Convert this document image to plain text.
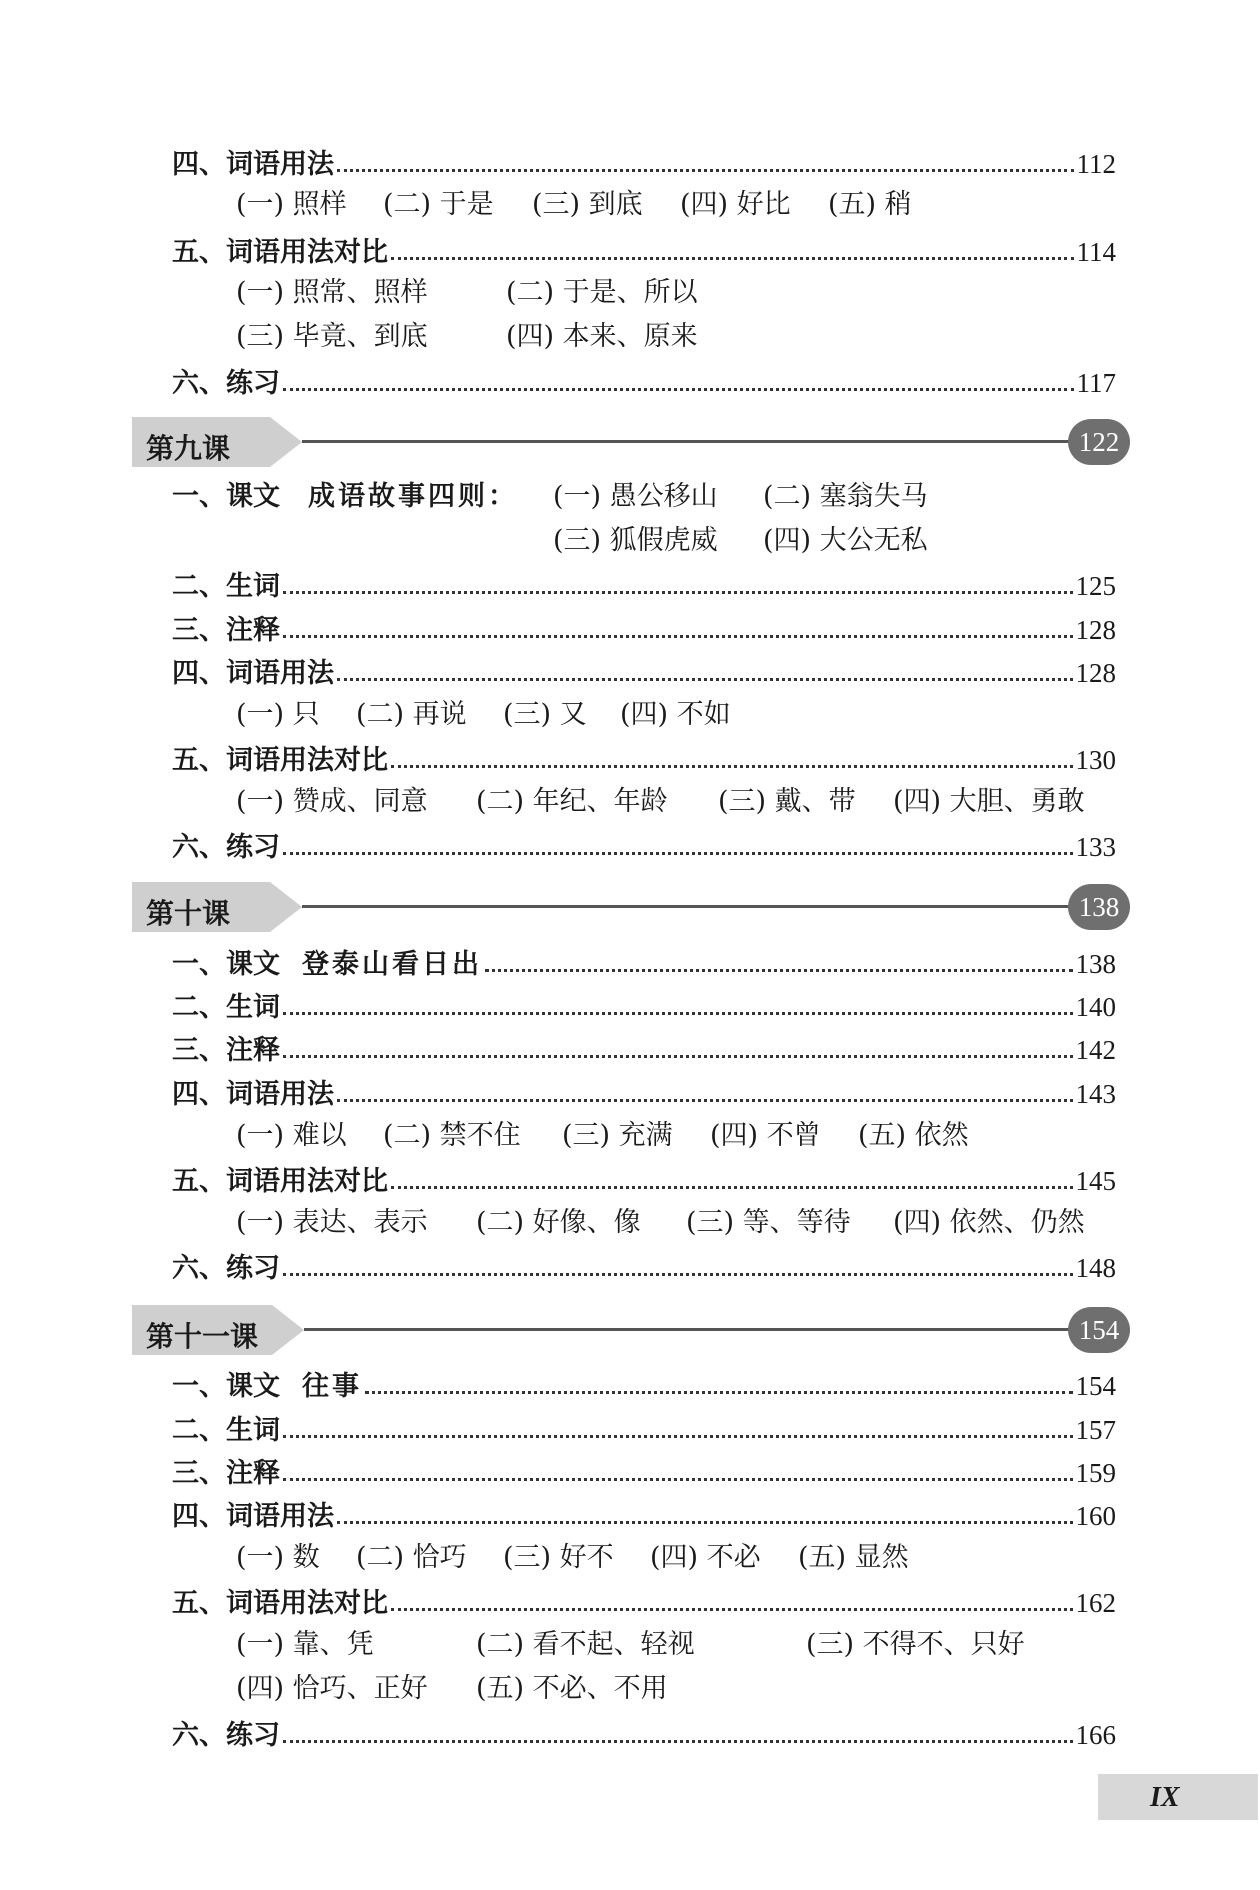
四、词语用法	112
(一) 照样 (二) 于是 (三) 到底 (四) 好比 (五) 稍
五、词语用法对比	114
(一) 照常、照样	(二) 于是、所以
(三) 毕竟、到底	(四) 本来、原来
六、练习	117
第九课	122
一、课文 成语故事四则： (一) 愚公移山 (二) 塞翁失马
(三) 狐假虎威 (四) 大公无私
二、生词	125
三、注释	128
四、词语用法	128
(一) 只 (二) 再说 (三) 又 (四) 不如
五、词语用法对比	130
(一) 赞成、同意 (二) 年纪、年龄 (三) 戴、带 (四) 大胆、勇敢
六、练习	133
第十课	138
一、课文 登泰山看日出	138
二、生词	140
三、注释	142
四、词语用法	143
(一) 难以 (二) 禁不住 (三) 充满 (四) 不曾 (五) 依然
五、词语用法对比	145
(一) 表达、表示 (二) 好像、像 (三) 等、等待 (四) 依然、仍然
六、练习	148
第十一课	154
一、课文 往事	154
二、生词	157
三、注释	159
四、词语用法	160
(一) 数 (二) 恰巧 (三) 好不 (四) 不必 (五) 显然
五、词语用法对比	162
(一) 靠、凭	(二) 看不起、轻视	(三) 不得不、只好
(四) 恰巧、正好 (五) 不必、不用
六、练习	166
IX
